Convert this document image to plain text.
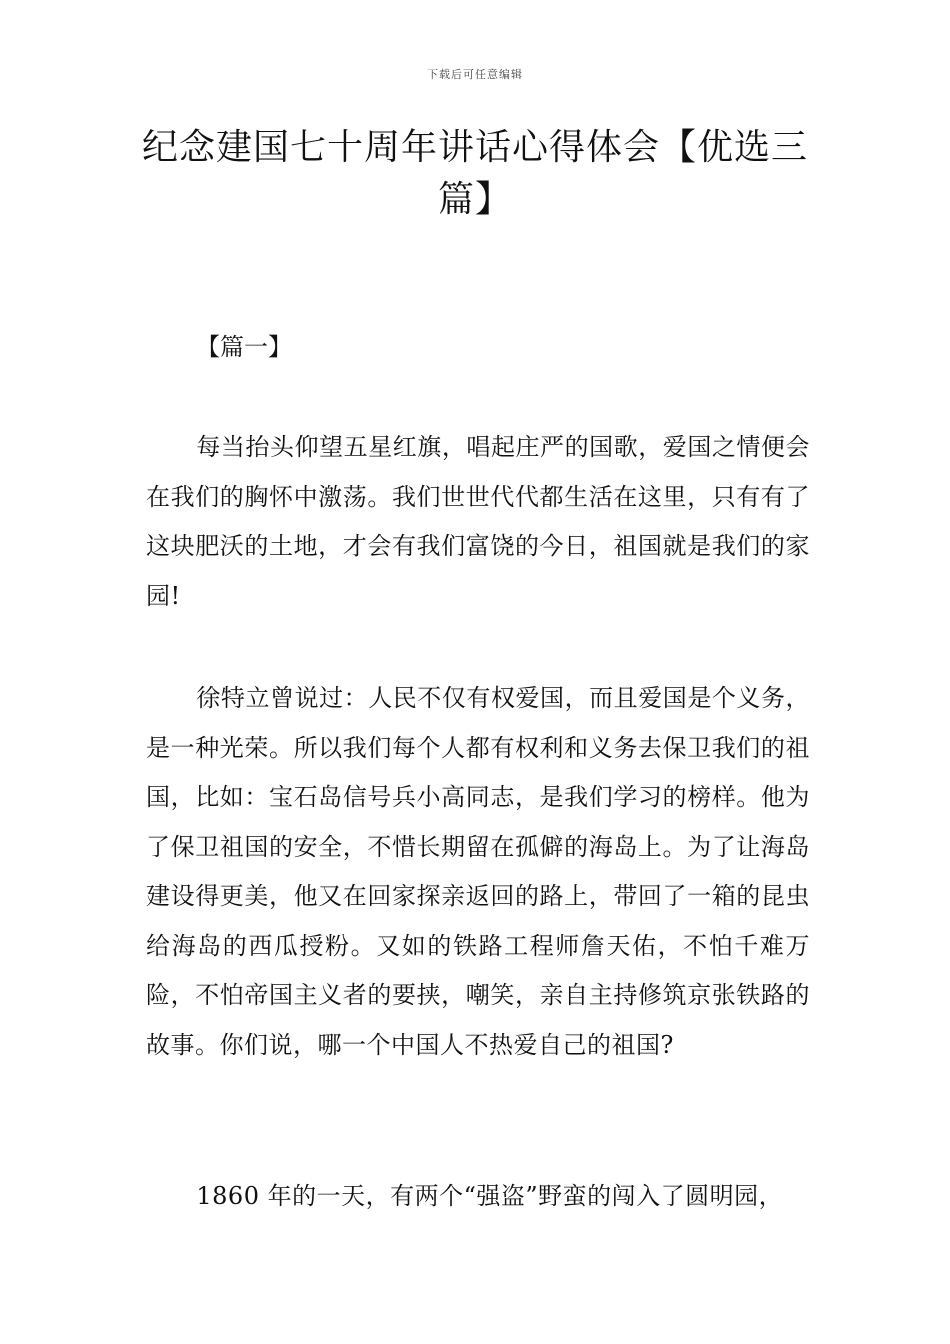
下载后可任意编辑
纪念建国七十周年讲话心得体会【优选三篇】
【篇一】

每当抬头仰望五星红旗，唱起庄严的国歌，爱国之情便会在我们的胸怀中激荡。我们世世代代都生活在这里，只有有了这块肥沃的土地，才会有我们富饶的今日，祖国就是我们的家园!

徐特立曾说过：人民不仅有权爱国，而且爱国是个义务，是一种光荣。所以我们每个人都有权利和义务去保卫我们的祖国，比如：宝石岛信号兵小高同志，是我们学习的榜样。他为了保卫祖国的安全，不惜长期留在孤僻的海岛上。为了让海岛建设得更美，他又在回家探亲返回的路上，带回了一箱的昆虫给海岛的西瓜授粉。又如的铁路工程师詹天佑，不怕千难万险，不怕帝国主义者的要挟，嘲笑，亲自主持修筑京张铁路的故事。你们说，哪一个中国人不热爱自己的祖国?

1860 年的一天，有两个“强盗”野蛮的闯入了圆明园，
